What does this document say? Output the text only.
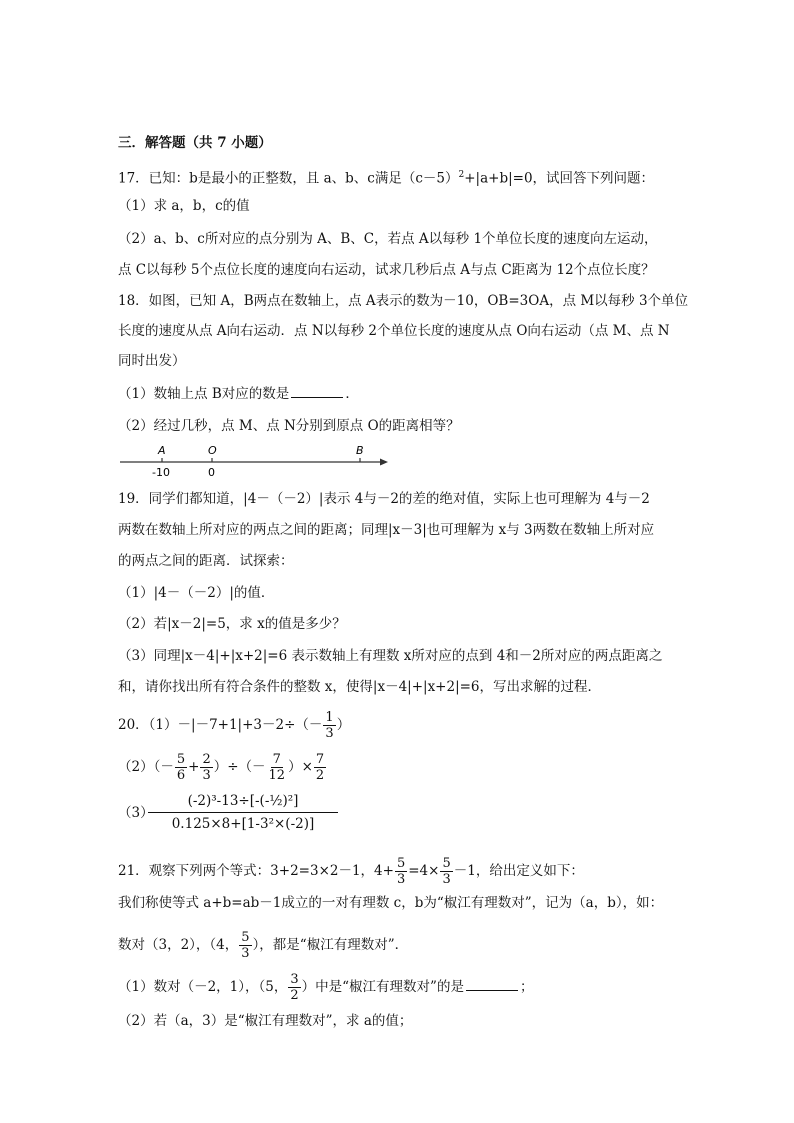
三．解答题（共 7 小题）
17．已知：b是最小的正整数，且 a、b、c满足$(c-5)^2+|a+b|=0$，试回答下列问题：
（1）求 a，b，c的值
（2）a、b、c所对应的点分别为 A、B、C，若点 A以每秒 1个单位长度的速度向左运动，
点 C以每秒 5个点位长度的速度向右运动，试求几秒后点 A与点 C距离为 12个点位长度？
18．如图，已知 A，B两点在数轴上，点 A表示的数为－10，OB=3OA，点 M以每秒 3个单位
长度的速度从点 A向右运动．点 N以每秒 2个单位长度的速度从点 O向右运动（点 M、点 N
同时出发）
（1）数轴上点 B对应的数是	．
（2）经过几秒，点 M、点 N分别到原点 O的距离相等？
A	O	B
-10	0
19．同学们都知道，|4－（－2）|表示 4与－2的差的绝对值，实际上也可理解为 4与－2
两数在数轴上所对应的两点之间的距离；同理|x－3|也可理解为 x与 3两数在数轴上所对应
的两点之间的距离．试探索：
（1）|4－（－2）|的值．
（2）若|x－2|=5，求 x的值是多少？
（3）同理|x－4|+|x+2|=6 表示数轴上有理数 x所对应的点到 4和－2所对应的两点距离之
和，请你找出所有符合条件的整数 x，使得|x－4|+|x+2|=6，写出求解的过程．
20．$(1)-|-7+1|+3-2\div(- \frac{1}{3}$ ）
$(2)(- \frac{5}{6} + \frac{2}{3}$ ）÷（－ $\frac{7}{12}$ ）× $\frac{7}{2}$
（3）
$\frac{\text{(-2)³-13÷[-(-½)²]}}{\text{0.125×8+[1-3²×(-2)]}}$
21．观察下列两个等式：3+2=3×2－1，$4+ \frac{5}{3} =4\times \frac{5}{3} -1$，给出定义如下：
我们称使等式 a+b=ab－1成立的一对有理数 c，b为“椒江有理数对”，记为（a，b），如：
数对（3，2），（4， $\frac{5}{3}$ ），都是“椒江有理数对”．
（1）数对（－2，1），（5， $\frac{3}{2}$ ）中是“椒江有理数对”的是	；
（2）若（a，3）是“椒江有理数对”，求 a的值；
